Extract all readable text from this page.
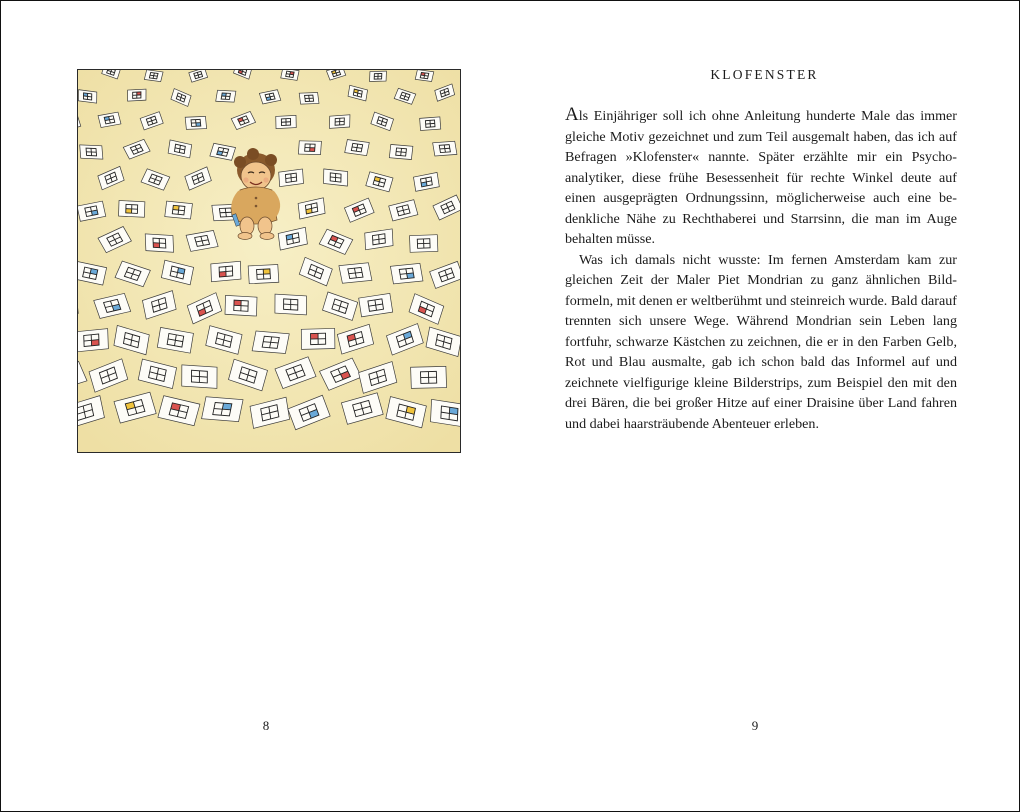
8
KLOFENSTER

Als Einjähriger soll ich ohne Anleitung hunderte Male das immer gleiche Motiv gezeichnet und zum Teil ausgemalt haben, das ich auf Befragen »Klofenster« nannte. Später erzählte mir ein Psychoanalytiker, diese frühe Besessenheit für rechte Winkel deute auf einen ausgeprägten Ordnungssinn, möglicherweise auch eine bedenkliche Nähe zu Rechthaberei und Starrsinn, die man im Auge behalten müsse.

Was ich damals nicht wusste: Im fernen Amsterdam kam zur gleichen Zeit der Maler Piet Mondrian zu ganz ähnlichen Bildformeln, mit denen er weltberühmt und steinreich wurde. Bald darauf trennten sich unsere Wege. Während Mondrian sein Leben lang fortfuhr, schwarze Kästchen zu zeichnen, die er in den Farben Gelb, Rot und Blau ausmalte, gab ich schon bald das Informel auf und zeichnete vielfigurige kleine Bilderstrips, zum Beispiel den mit den drei Bären, die bei großer Hitze auf einer Draisine über Land fahren und dabei haarsträubende Abenteuer erleben.

9
